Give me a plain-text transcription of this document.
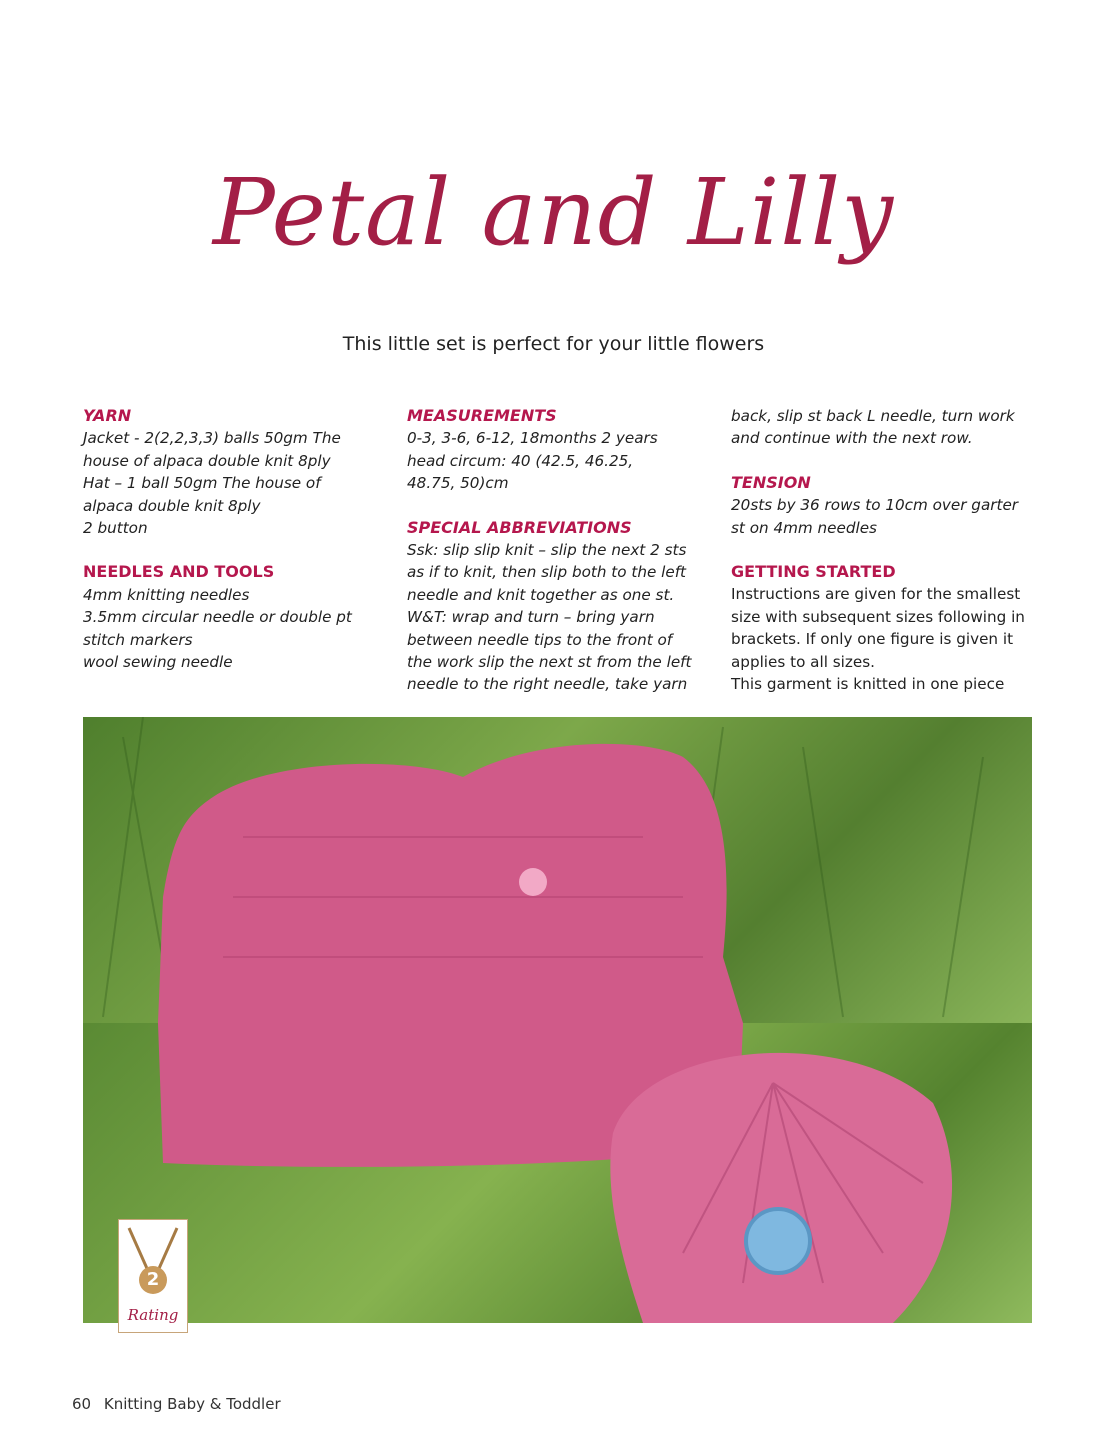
Petal and Lilly
This little set is perfect for your little flowers
YARN
Jacket - 2(2,2,3,3) balls 50gm The
house of alpaca double knit 8ply
Hat – 1 ball 50gm The house of
alpaca double knit 8ply
2 button
NEEDLES AND TOOLS
4mm knitting needles
3.5mm circular needle or double pt
stitch markers
wool sewing needle
MEASUREMENTS
0-3, 3-6, 6-12, 18months 2 years
head circum: 40 (42.5, 46.25,
48.75, 50)cm
SPECIAL ABBREVIATIONS
Ssk: slip slip knit – slip the next 2 sts
as if to knit, then slip both to the left
needle and knit together as one st.
W&T: wrap and turn – bring yarn
between needle tips to the front of
the work slip the next st from the left
needle to the right needle, take yarn
back, slip st back L needle, turn work
and continue with the next row.
TENSION
20sts by 36 rows to 10cm over garter
st on 4mm needles
GETTING STARTED
Instructions are given for the smallest
size with subsequent sizes following in
brackets. If only one figure is given it
applies to all sizes.
This garment is knitted in one piece
2
Rating
60 Knitting Baby & Toddler
